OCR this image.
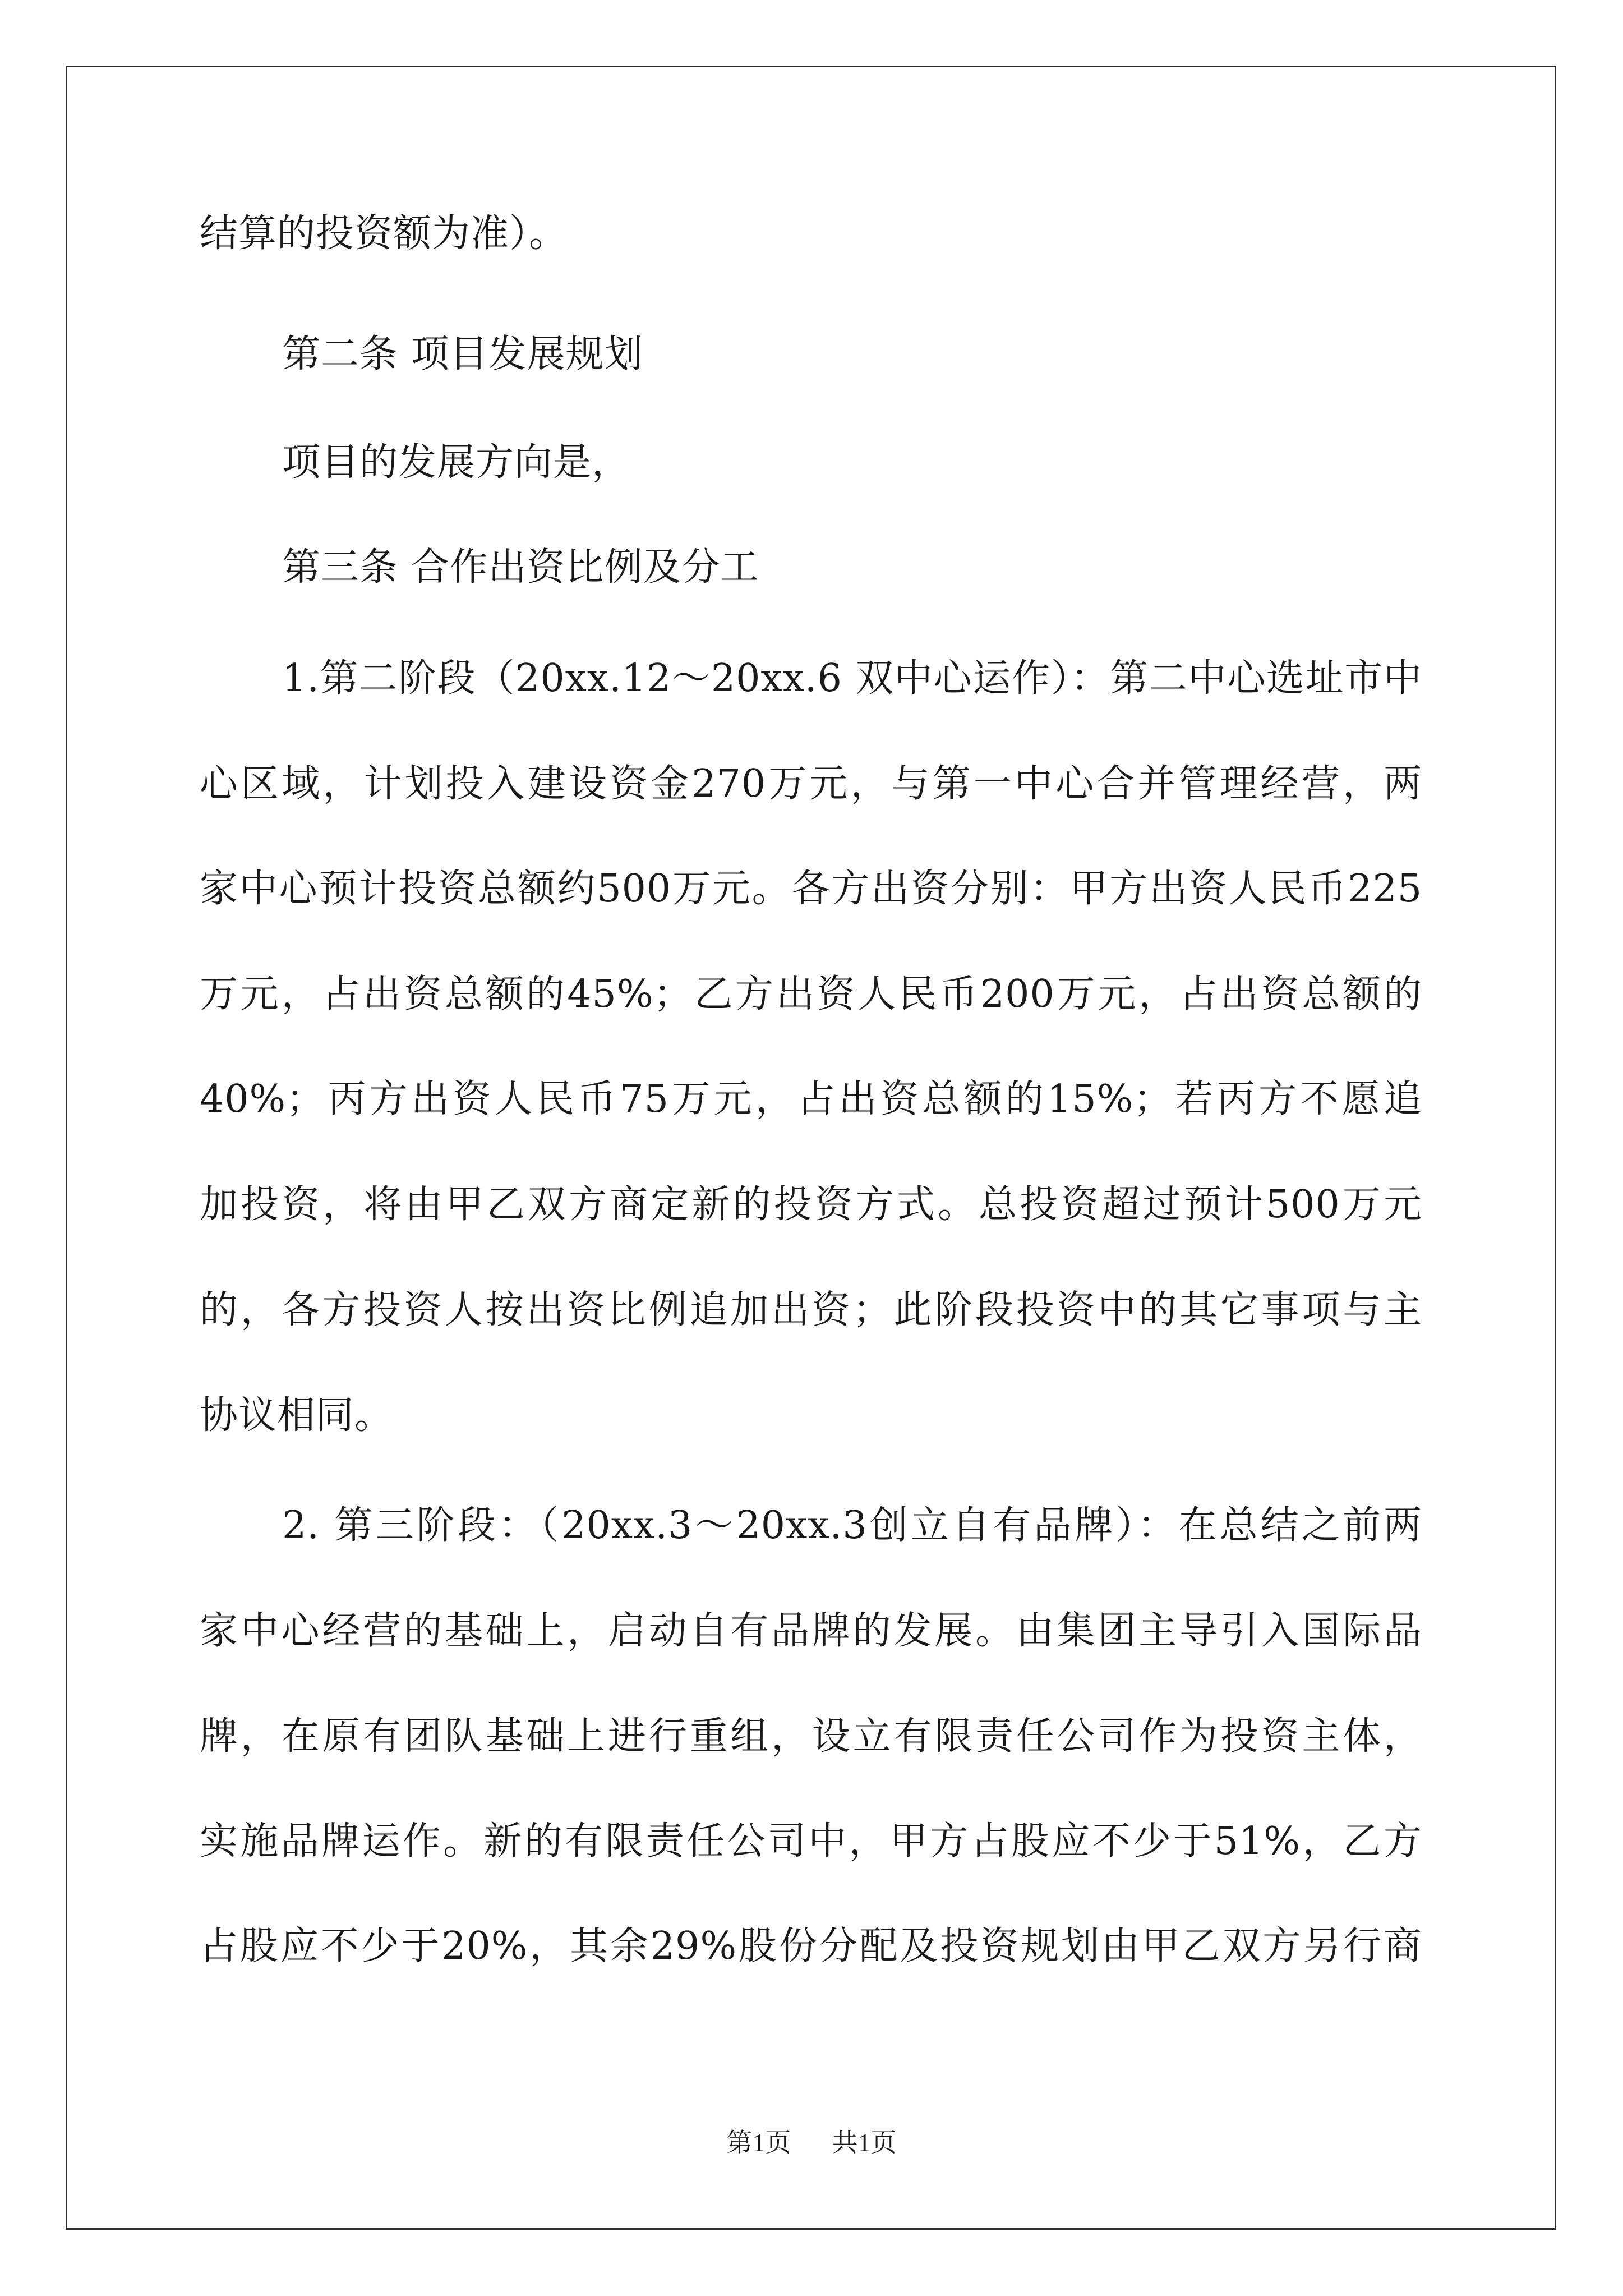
结算的投资额为准）。
第二条 项目发展规划
项目的发展方向是，
第三条 合作出资比例及分工
1.第二阶段（20xx.12～20xx.6 双中心运作）：第二中心选址市中
心区域，计划投入建设资金270万元，与第一中心合并管理经营，两
家中心预计投资总额约500万元。各方出资分别：甲方出资人民币225
万元，占出资总额的45%；乙方出资人民币200万元，占出资总额的
40%；丙方出资人民币75万元，占出资总额的15%；若丙方不愿追
加投资，将由甲乙双方商定新的投资方式。总投资超过预计500万元
的，各方投资人按出资比例追加出资；此阶段投资中的其它事项与主
协议相同。
2. 第三阶段：（20xx.3～20xx.3创立自有品牌）：在总结之前两
家中心经营的基础上，启动自有品牌的发展。由集团主导引入国际品
牌，在原有团队基础上进行重组，设立有限责任公司作为投资主体，
实施品牌运作。新的有限责任公司中，甲方占股应不少于51%，乙方
占股应不少于20%，其余29%股份分配及投资规划由甲乙双方另行商
第1页 共1页
